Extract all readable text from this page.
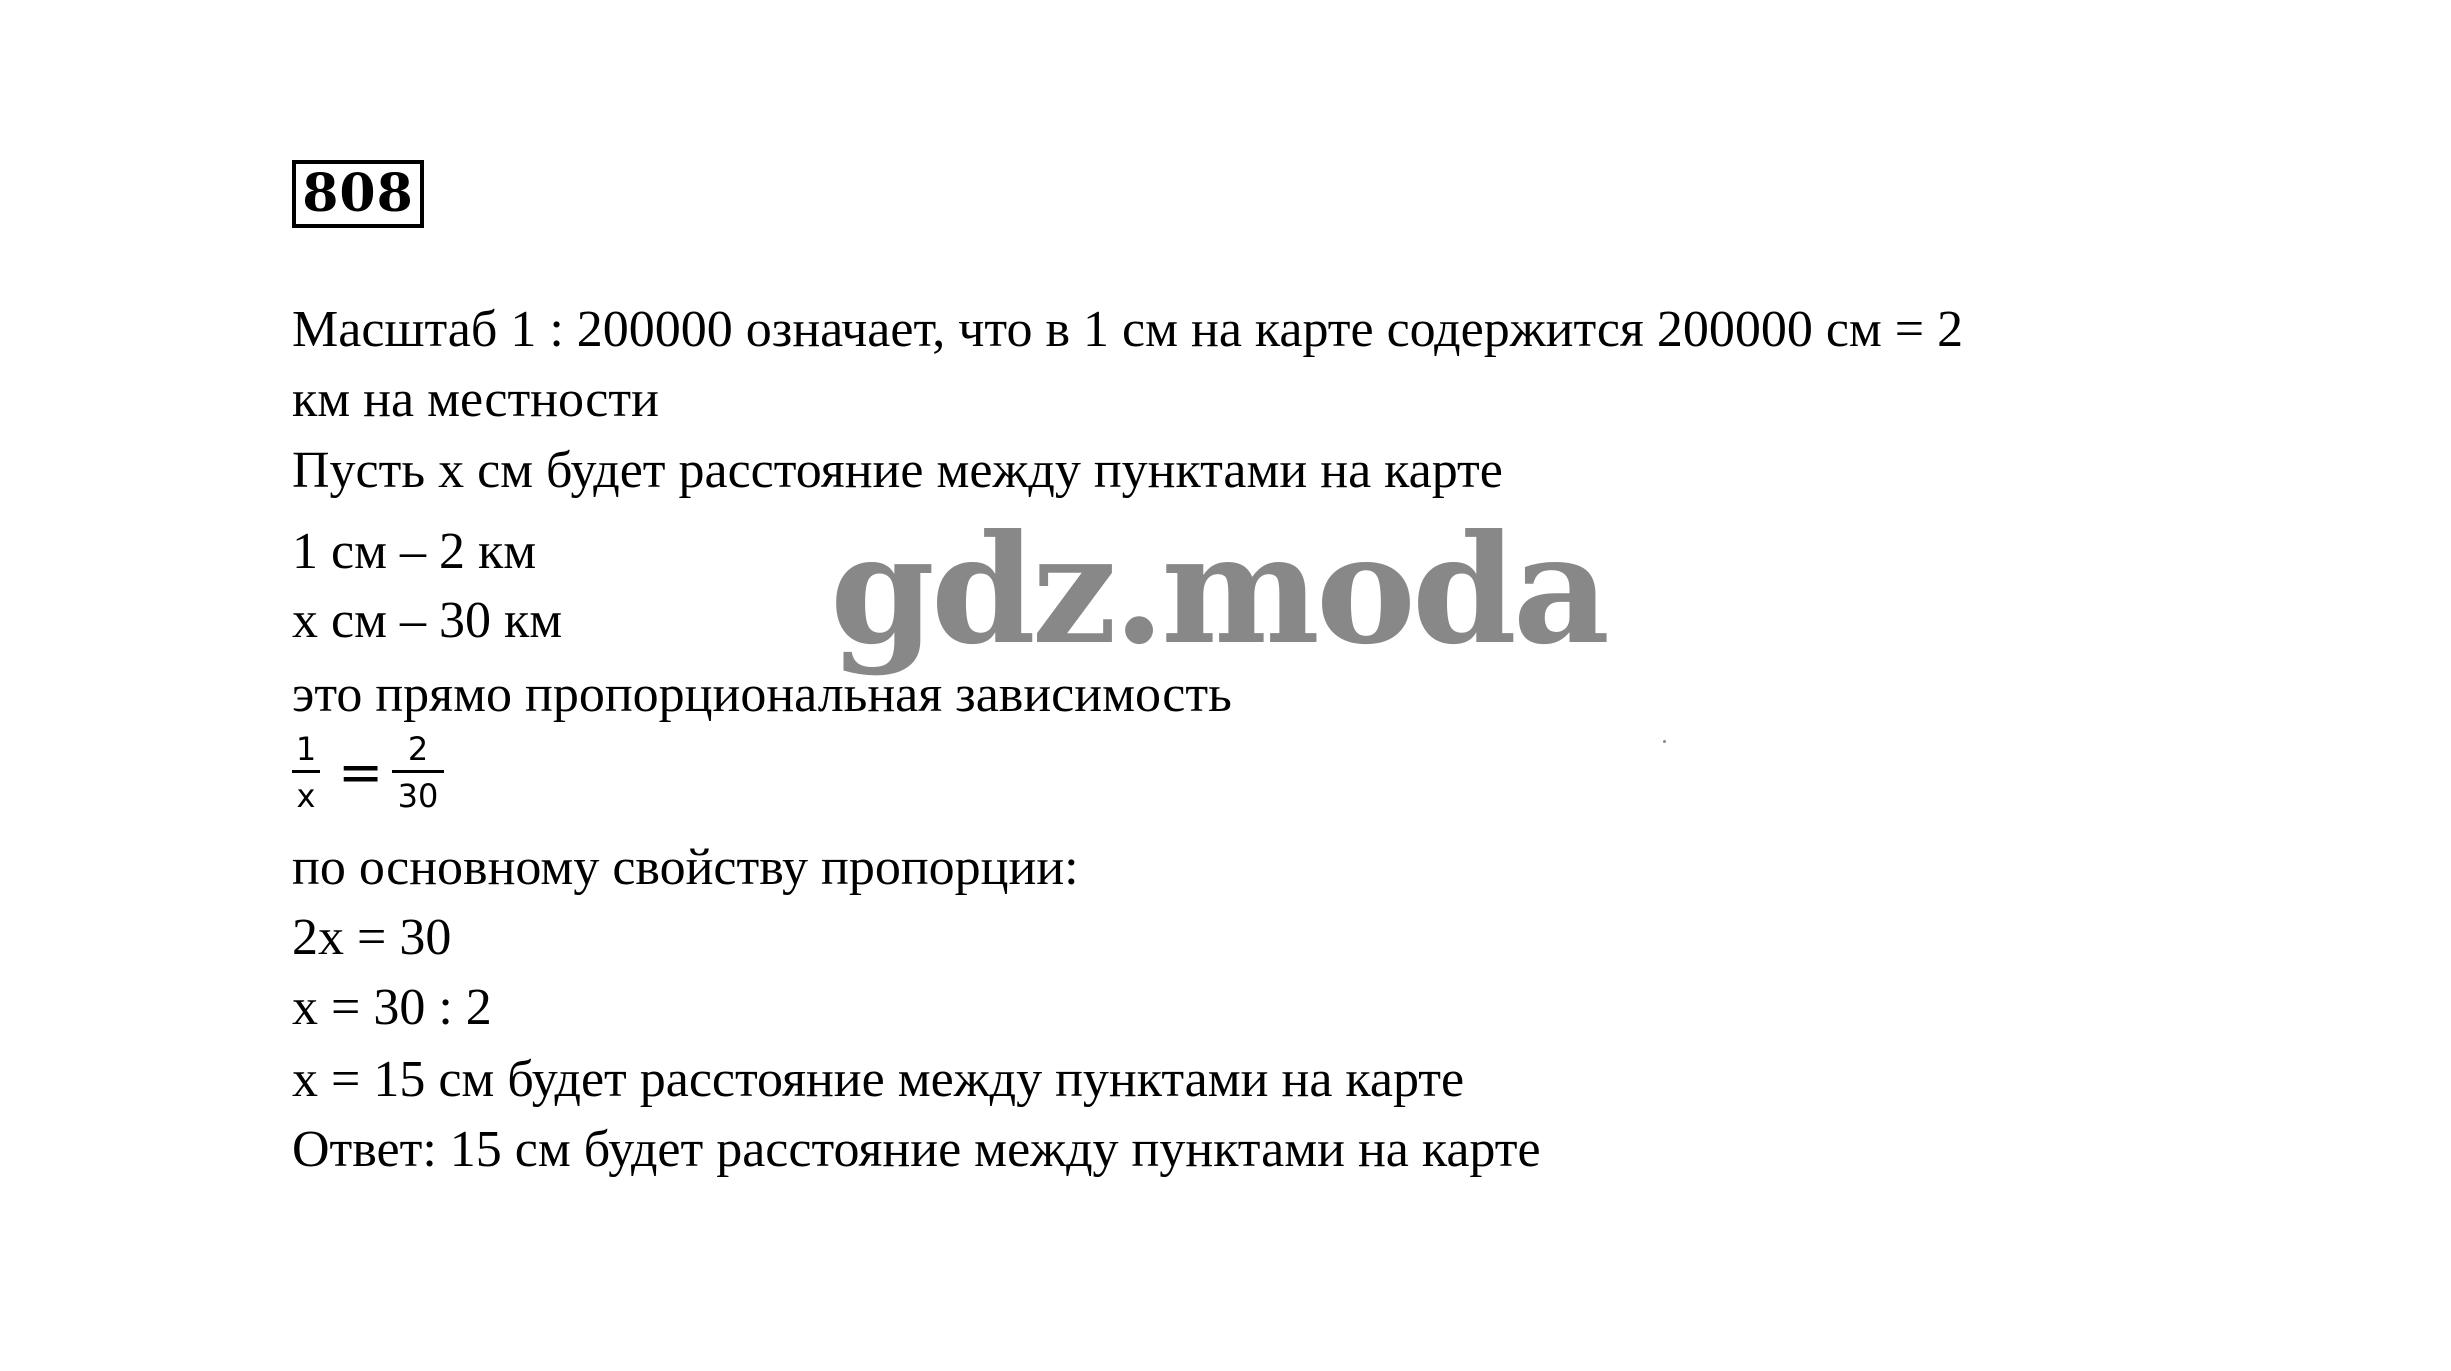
808
Масштаб 1 : 200000 означает, что в 1 см на карте содержится 200000 см = 2
км на местности
Пусть х см будет расстояние между пунктами на карте
1 см – 2 км
х см – 30 км
это прямо пропорциональная зависимость
1
x = 2
30
по основному свойству пропорции:
2х = 30
х = 30 : 2
х = 15 см будет расстояние между пунктами на карте
Ответ: 15 см будет расстояние между пунктами на карте
gdz.moda
